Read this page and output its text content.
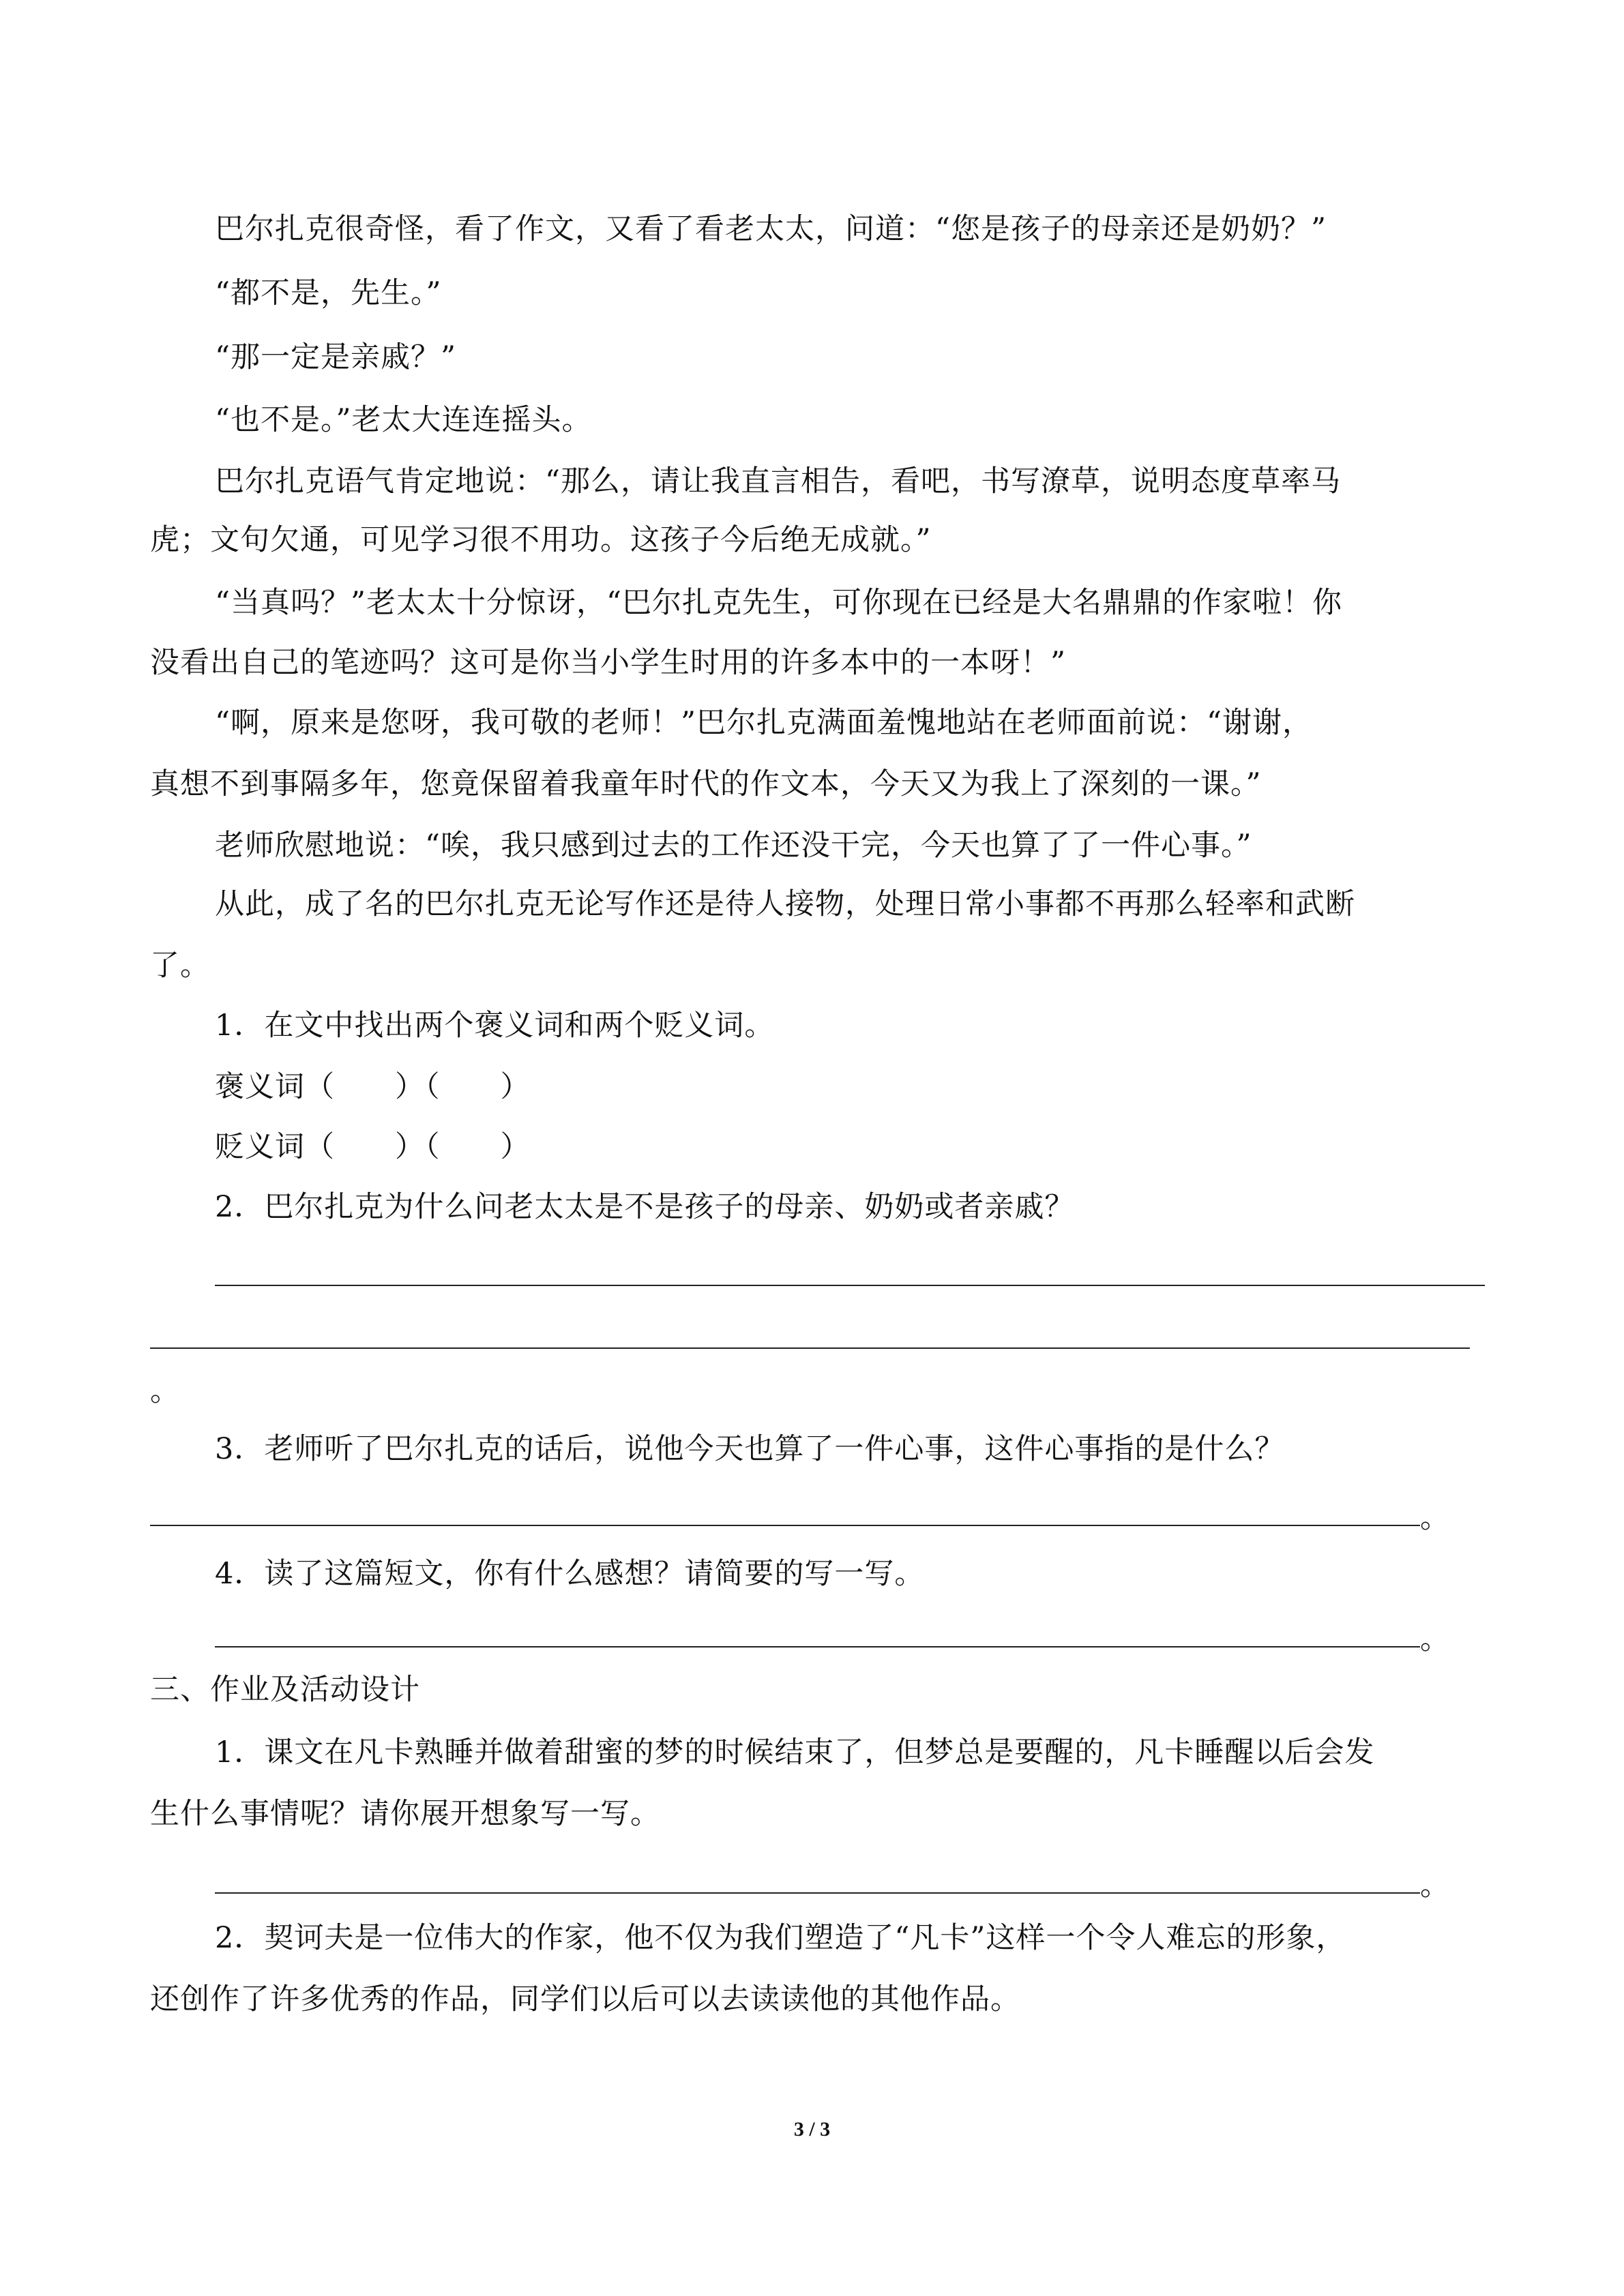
巴尔扎克很奇怪，看了作文，又看了看老太太，问道：“您是孩子的母亲还是奶奶？”
“都不是，先生。”
“那一定是亲戚？”
“也不是。”老太大连连摇头。
巴尔扎克语气肯定地说：“那么，请让我直言相告，看吧，书写潦草，说明态度草率马
虎；文句欠通，可见学习很不用功。这孩子今后绝无成就。”
“当真吗？”老太太十分惊讶，“巴尔扎克先生，可你现在已经是大名鼎鼎的作家啦！你
没看出自己的笔迹吗？这可是你当小学生时用的许多本中的一本呀！”
“啊，原来是您呀，我可敬的老师！”巴尔扎克满面羞愧地站在老师面前说：“谢谢，
真想不到事隔多年，您竟保留着我童年时代的作文本，今天又为我上了深刻的一课。”
老师欣慰地说：“唉，我只感到过去的工作还没干完，今天也算了了一件心事。”
从此，成了名的巴尔扎克无论写作还是待人接物，处理日常小事都不再那么轻率和武断
了。
1．在文中找出两个褒义词和两个贬义词。
褒义词（　　）（　　）
贬义词（　　）（　　）
2．巴尔扎克为什么问老太太是不是孩子的母亲、奶奶或者亲戚？
。
3．老师听了巴尔扎克的话后，说他今天也算了一件心事，这件心事指的是什么？
。
4．读了这篇短文，你有什么感想？请简要的写一写。
。
三、作业及活动设计
1．课文在凡卡熟睡并做着甜蜜的梦的时候结束了，但梦总是要醒的，凡卡睡醒以后会发
生什么事情呢？请你展开想象写一写。
。
2．契诃夫是一位伟大的作家，他不仅为我们塑造了“凡卡”这样一个令人难忘的形象，
还创作了许多优秀的作品，同学们以后可以去读读他的其他作品。
3 / 3
